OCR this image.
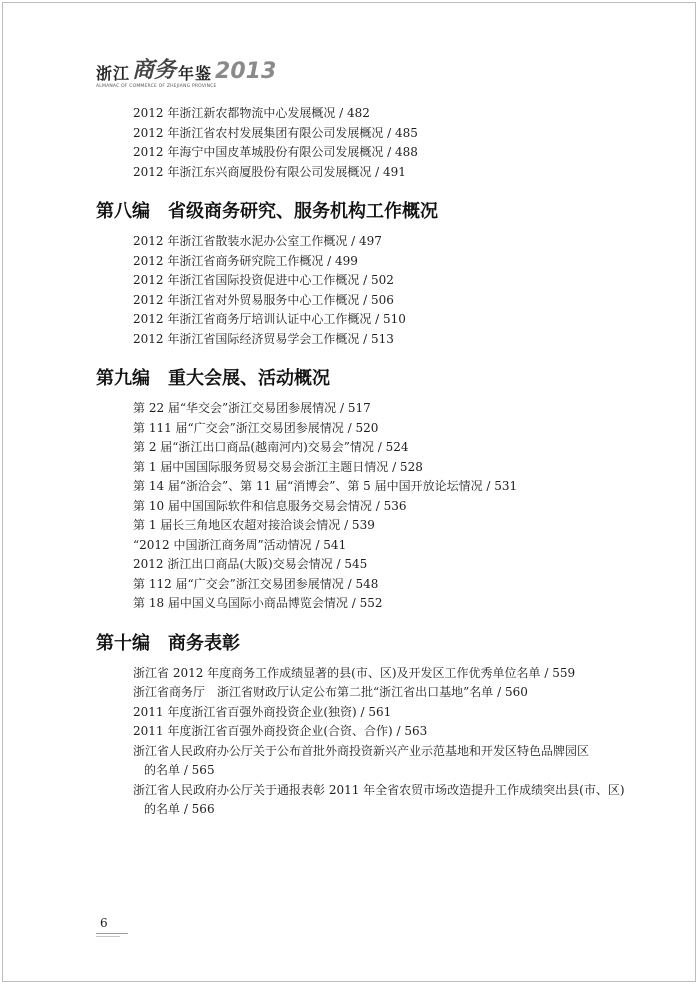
浙江 商务 年鉴 2013
ALMANAC OF COMMERCE OF ZHEJIANG PROVINCE
2012 年浙江新农都物流中心发展概况 / 482
2012 年浙江省农村发展集团有限公司发展概况 / 485
2012 年海宁中国皮革城股份有限公司发展概况 / 488
2012 年浙江东兴商厦股份有限公司发展概况 / 491
第八编　省级商务研究、服务机构工作概况
2012 年浙江省散装水泥办公室工作概况 / 497
2012 年浙江省商务研究院工作概况 / 499
2012 年浙江省国际投资促进中心工作概况 / 502
2012 年浙江省对外贸易服务中心工作概况 / 506
2012 年浙江省商务厅培训认证中心工作概况 / 510
2012 年浙江省国际经济贸易学会工作概况 / 513
第九编　重大会展、活动概况
第 22 届“华交会”浙江交易团参展情况 / 517
第 111 届“广交会”浙江交易团参展情况 / 520
第 2 届“浙江出口商品(越南河内)交易会”情况 / 524
第 1 届中国国际服务贸易交易会浙江主题日情况 / 528
第 14 届“浙洽会”、第 11 届“消博会”、第 5 届中国开放论坛情况 / 531
第 10 届中国国际软件和信息服务交易会情况 / 536
第 1 届长三角地区农超对接洽谈会情况 / 539
“2012 中国浙江商务周”活动情况 / 541
2012 浙江出口商品(大阪)交易会情况 / 545
第 112 届“广交会”浙江交易团参展情况 / 548
第 18 届中国义乌国际小商品博览会情况 / 552
第十编　商务表彰
浙江省 2012 年度商务工作成绩显著的县(市、区)及开发区工作优秀单位名单 / 559
浙江省商务厅　浙江省财政厅认定公布第二批“浙江省出口基地”名单 / 560
2011 年度浙江省百强外商投资企业(独资) / 561
2011 年度浙江省百强外商投资企业(合资、合作) / 563
浙江省人民政府办公厅关于公布首批外商投资新兴产业示范基地和开发区特色品牌园区
的名单 / 565
浙江省人民政府办公厅关于通报表彰 2011 年全省农贸市场改造提升工作成绩突出县(市、区)
的名单 / 566
6
